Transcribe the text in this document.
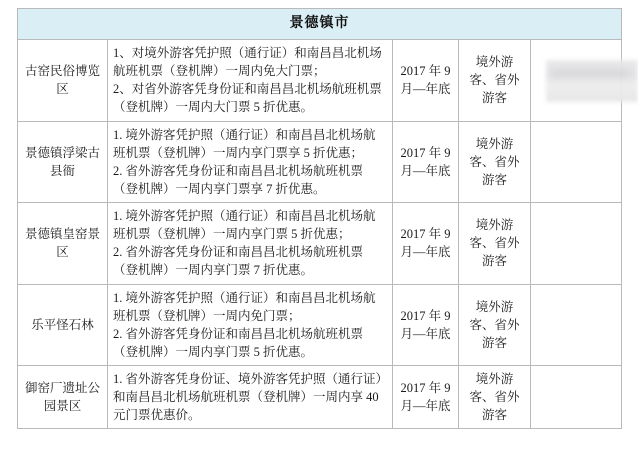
景德镇市				
古窑民俗博览区	1、对境外游客凭护照（通行证）和南昌昌北机场航班机票（登机牌）一周内免大门票；
2、对省外游客凭身份证和南昌昌北机场航班机票（登机牌）一周内大门票 5 折优惠。	2017 年 9 月—年底	境外游客、省外游客	
景德镇浮梁古县衙	1. 境外游客凭护照（通行证）和南昌昌北机场航班机票（登机牌）一周内享门票享 5 折优惠；
2. 省外游客凭身份证和南昌昌北机场航班机票（登机牌）一周内享门票享 7 折优惠。	2017 年 9 月—年底	境外游客、省外游客	
景德镇皇窑景区	1. 境外游客凭护照（通行证）和南昌昌北机场航班机票（登机牌）一周内享门票 5 折优惠；
2. 省外游客凭身份证和南昌昌北机场航班机票（登机牌）一周内享门票 7 折优惠。	2017 年 9 月—年底	境外游客、省外游客	
乐平怪石林	1. 境外游客凭护照（通行证）和南昌昌北机场航班机票（登机牌）一周内免门票；
2. 省外游客凭身份证和南昌昌北机场航班机票（登机牌）一周内享门票 5 折优惠。	2017 年 9 月—年底	境外游客、省外游客	
御窑厂遗址公园景区	1. 省外游客凭身份证、境外游客凭护照（通行证）和南昌昌北机场航班机票（登机牌）一周内享 40 元门票优惠价。	2017 年 9 月—年底	境外游客、省外游客	
